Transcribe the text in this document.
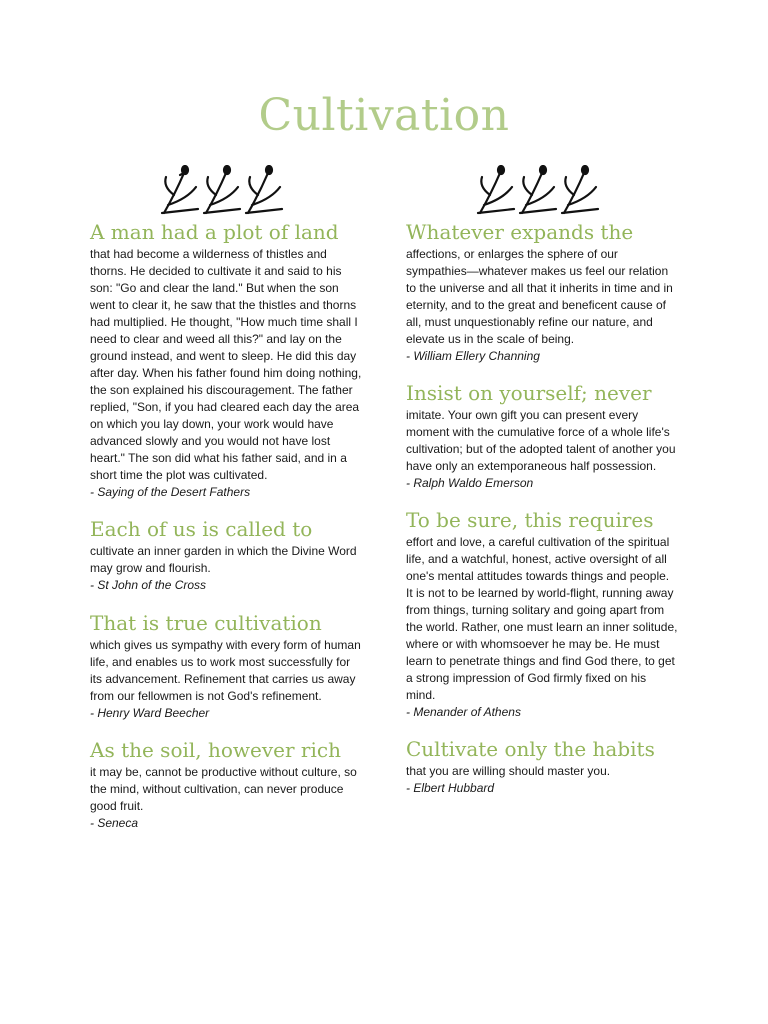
Cultivation

A man had a plot of land

that had become a wilderness of thistles and thorns. He decided to cultivate it and said to his son: "Go and clear the land." But when the son went to clear it, he saw that the thistles and thorns had multiplied. He thought, "How much time shall I need to clear and weed all this?" and lay on the ground instead, and went to sleep. He did this day after day. When his father found him doing nothing, the son explained his discouragement. The father replied, "Son, if you had cleared each day the area on which you lay down, your work would have advanced slowly and you would not have lost heart." The son did what his father said, and in a short time the plot was cultivated.

- Saying of the Desert Fathers

Each of us is called to

cultivate an inner garden in which the Divine Word may grow and flourish.

- St John of the Cross

That is true cultivation

which gives us sympathy with every form of human life, and enables us to work most successfully for its advancement. Refinement that carries us away from our fellowmen is not God's refinement.

- Henry Ward Beecher

As the soil, however rich

it may be, cannot be productive without culture, so the mind, without cultivation, can never produce good fruit.

- Seneca

Whatever expands the

affections, or enlarges the sphere of our sympathies—whatever makes us feel our relation to the universe and all that it inherits in time and in eternity, and to the great and beneficent cause of all, must unquestionably refine our nature, and elevate us in the scale of being.

- William Ellery Channing

Insist on yourself; never

imitate. Your own gift you can present every moment with the cumulative force of a whole life's cultivation; but of the adopted talent of another you have only an extemporaneous half possession.

- Ralph Waldo Emerson

To be sure, this requires

effort and love, a careful cultivation of the spiritual life, and a watchful, honest, active oversight of all one's mental attitudes towards things and people. It is not to be learned by world-flight, running away from things, turning solitary and going apart from the world. Rather, one must learn an inner solitude, where or with whomsoever he may be. He must learn to penetrate things and find God there, to get a strong impression of God firmly fixed on his mind.

- Menander of Athens

Cultivate only the habits

that you are willing should master you.

- Elbert Hubbard
